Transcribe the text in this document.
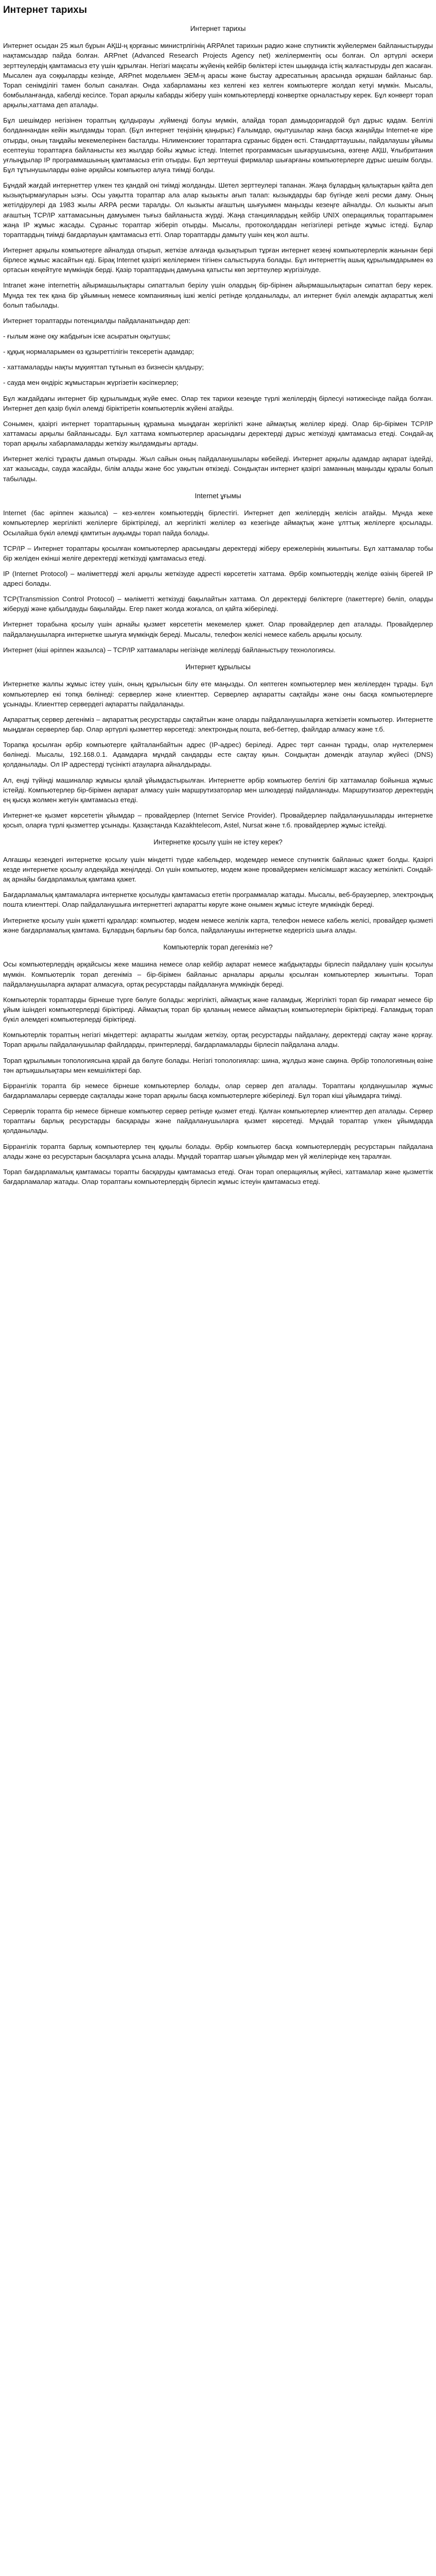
Интернет тарихы
Интернет тарихы

Интернет осыдан 25 жыл бұрын АҚШ-ң қорғаныс министрлігінің ARPAnet тарихын радио және спутниктік жүйелермен байланыстыруды нақтамсыздар пайда болған. ARPnet (Advanced Research Projects Agency net) желілерментің осы болған. Ол әртүрлі әскери зерттеулердің қамтамасыз ету үшін құрылған. Негізгі мақсаты жүйенің кейбір бөліктері істен шыққанда істің жалғастыруды деп жасаған. Мысален ауа соққыларды кезінде, ARPnet модельмен ЭЕМ-ң арасы және быстау адресатының арасында әрқашан байланыс бар. Торап сенімділігі тамен болып саналған. Онда хабарламаны кез келгені кез келген компьютерге жолдап кетуі мүмкін. Мысалы, бомбыланғанда, кабелді кесілсе. Торап арқылы кабарды жіберу үшін компьютерлерді конвертке орналастыру керек. Бұл конверт торап арқылы,хаттама деп аталады.

Бұл шешімдер негізінен тораптың құлдырауы ,күйменді болуы мүмкін, алайда торап дамыдоригардой бұл дұрыс қадам. Белгілі болданнандан кейін жылдамды торап. (Бұл интернет теңізінің қаңырыс) Ғалымдар, оқытушылар жаңа басқа жаңайды Internet-ке кіре отырды, оның таңдайы мекемелерінен басталды. Нілименскиег тораптарға сұраныс бірден өсті. Стандарттаушыы, пайдалаушы ұйымы есептеуіш тораптарға байланысты кез жылдар бойы жұмыс істеді. Internet программасын шығарушысына, өзгеңе АҚШ, Ұлыбритания уғлыңдылар IP программашының қамтамасыз етіп отырды. Бұл зерттеуші фирмалар шығарғаны компьютерлерге дұрыс шешім болды. Бұл тұтынушыларды өзіне әрқайсы компьютер алуға тиімді болды.

Бұндай жағдай интернеттер үлкен тез қандай оні тиімді жолданды. Шетел зерттеулері тапанан. Жаңа бұлардың қалықтарын қайта деп кызықтырмағуларын ызғы. Осы уақытта тораптар ала алар кызыкты ағып талап: кызыкдарды бар бүгінде желі ресми даму. Оның жетілдірулері да 1983 жылы ARPA ресми таралды. Ол кызыкты ағаштың шығуымен маңызды кезеңге айналды. Ол кызыкты ағып ағаштың TCP/IP хаттамасының дамуымен тығыз байланыста жүрді. Жаңа станциялардың кейбір UNIX операциялық тораптарымен жаңа IP жұмыс жасады. Сұраныс тораптар жіберіп отырды. Мысалы, протоколдардан негізгілері ретінде жұмыс істеді. Бұлар тораптардың тиімді бағдарлауын қамтамасыз етті. Олар тораптарды дамыту үшін кең жол ашты.

Интернет арқылы компьютерге айналуда отырып, жеткізе алғанда қызықтырып тұрған интернет кезеңі компьютерлерлік жанынан бері бірлесе жұмыс жасайтын еді. Бірақ Internet қазіргі желілермен тігінен салыстыруға болады. Бұл интернеттің ашық құрылымдарымен өз ортасын кеңейтуге мүмкіндік берді. Қазір тораптардың дамуына қатысты көп зерттеулер жүргізілуде.

Intranet және internetтің айырмашылықтары сипатталып берілу үшін олардың бір-бірінен айырмашылықтарын сипаттап беру керек. Мұнда тек тек қана бір ұйымның немесе компанияның ішкі желісі ретінде қолданылады, ал интернет бүкіл әлемдік ақпараттық желі болып табылады.

Интернет тораптарды потенциалды пайдаланатындар деп:

- ғылым және оқу жабдығын іске асыратын оқытушы;

- құқық нормаларымен өз құзыреттілігін тексеретін адамдар;

- хаттамаларды нақты мұқияттап тұтынып өз бизнесін қалдыру;

- сауда мен өндіріс жұмыстарын жүргізетін кәсіпкерлер;

Бұл жағдайдағы интернет бір құрылымдық жүйе емес. Олар тек тарихи кезеңде түрлі желілердің бірлесуі нәтижесінде пайда болған. Интернет деп қазір бүкіл әлемді біріктіретін компьютерлік жүйені атайды.

Сонымен, қазіргі интернет тораптарының құрамына мыңдаған жергілікті және аймақтық желілер кіреді. Олар бір-бірімен TCP/IP хаттамасы арқылы байланысады. Бұл хаттама компьютерлер арасындағы деректерді дұрыс жеткізуді қамтамасыз етеді. Сондай-ақ торап арқылы хабарламаларды жеткізу жылдамдығы артады.

Интернет желісі тұрақты дамып отырады. Жыл сайын оның пайдаланушылары көбейеді. Интернет арқылы адамдар ақпарат іздейді, хат жазысады, сауда жасайды, білім алады және бос уақытын өткізеді. Сондықтан интернет қазіргі заманның маңызды құралы болып табылады.

Internet ұғымы

Internet (бас әріппен жазылса) – кез-келген компьютердің бірлестігі. Интернет деп желілердің желісін атайды. Мұнда жеке компьютерлер жергілікті желілерге біріктіріледі, ал жергілікті желілер өз кезегінде аймақтық және ұлттық желілерге қосылады. Осылайша бүкіл әлемді қамтитын ауқымды торап пайда болады.

TCP/IP – Интернет тораптары қосылған компьютерлер арасындағы деректерді жіберу ережелерінің жиынтығы. Бұл хаттамалар тобы бір желіден екінші желіге деректерді жеткізуді қамтамасыз етеді.

IP (Internet Protocol) – мәліметтерді желі арқылы жеткізуде адресті көрсететін хаттама. Әрбір компьютердің желіде өзінің бірегей IP адресі болады.

TCP(Transmission Control Protocol) – мәліметті жеткізуді бақылайтын хаттама. Ол деректерді бөліктерге (пакеттерге) бөліп, оларды жіберуді және қабылдауды бақылайды. Егер пакет жолда жоғалса, ол қайта жіберіледі.

Интернет торабына қосылу үшін арнайы қызмет көрсететін мекемелер қажет. Олар провайдерлер деп аталады. Провайдерлер пайдаланушыларға интернетке шығуға мүмкіндік береді. Мысалы, телефон желісі немесе кабель арқылы қосылу.

Интернет (кіші әріппен жазылса) – TCP/IP хаттамалары негізінде желілерді байланыстыру технологиясы.

Интернет құрылысы

Интернетке жалпы жұмыс істеу үшін, оның құрылысын білу өте маңызды. Ол көптеген компьютерлер мен желілерден тұрады. Бұл компьютерлер екі топқа бөлінеді: серверлер және клиенттер. Серверлер ақпаратты сақтайды және оны басқа компьютерлерге ұсынады. Клиенттер сервердегі ақпаратты пайдаланады.

Ақпараттық сервер дегеніміз – ақпараттық ресурстарды сақтайтын және оларды пайдаланушыларға жеткізетін компьютер. Интернетте мыңдаған серверлер бар. Олар әртүрлі қызметтер көрсетеді: электрондық пошта, веб-беттер, файлдар алмасу және т.б.

Торапқа қосылған әрбір компьютерге қайталанбайтын адрес (IP-адрес) беріледі. Адрес төрт саннан тұрады, олар нүктелермен бөлінеді. Мысалы, 192.168.0.1. Адамдарға мұндай сандарды есте сақтау қиын. Сондықтан домендік атаулар жүйесі (DNS) қолданылады. Ол IP адрестерді түсінікті атауларға айналдырады.

Ал, енді түйінді машиналар жұмысы қалай ұйымдастырылған. Интернетте әрбір компьютер белгілі бір хаттамалар бойынша жұмыс істейді. Компьютерлер бір-бірімен ақпарат алмасу үшін маршрутизаторлар мен шлюздерді пайдаланады. Маршрутизатор деректердің ең қысқа жолмен жетуін қамтамасыз етеді.

Интернет-ке қызмет көрсететін ұйымдар – провайдерлер (Internet Service Provider). Провайдерлер пайдаланушыларды интернетке қосып, оларға түрлі қызметтер ұсынады. Қазақстанда Kazakhtelecom, Astel, Nursat және т.б. провайдерлер жұмыс істейді.

Интернетке қосылу үшін не істеу керек?

Алғашқы кезеңдегі интернетке қосылу үшін міндетті түрде кабельдер, модемдер немесе спутниктік байланыс қажет болды. Қазіргі кезде интернетке қосылу әлдеқайда жеңілдеді. Ол үшін компьютер, модем және провайдермен келісімшарт жасасу жеткілікті. Сондай-ақ арнайы бағдарламалық қамтама қажет.

Бағдарламалық қамтамаларға интернетке қосылуды қамтамасыз ететін программалар жатады. Мысалы, веб-браузерлер, электрондық пошта клиенттері. Олар пайдаланушыға интернеттегі ақпаратты көруге және онымен жұмыс істеуге мүмкіндік береді.

Интернетке қосылу үшін қажетті құралдар: компьютер, модем немесе желілік карта, телефон немесе кабель желісі, провайдер қызметі және бағдарламалық қамтама. Бұлардың барлығы бар болса, пайдаланушы интернетке кедергісіз шыға алады.

Компьютерлік торап дегеніміз не?

Осы компьютерлердің әрқайсысы жеке машина немесе олар кейбір ақпарат немесе жабдықтарды бірлесіп пайдалану үшін қосылуы мүмкін. Компьютерлік торап дегеніміз – бір-бірімен байланыс арналары арқылы қосылған компьютерлер жиынтығы. Торап пайдаланушыларға ақпарат алмасуға, ортақ ресурстарды пайдалануға мүмкіндік береді.

Компьютерлік тораптарды бірнеше түрге бөлуге болады: жергілікті, аймақтық және ғаламдық. Жергілікті торап бір ғимарат немесе бір ұйым ішіндегі компьютерлерді біріктіреді. Аймақтық торап бір қаланың немесе аймақтың компьютерлерін біріктіреді. Ғаламдық торап бүкіл әлемдегі компьютерлерді біріктіреді.

Компьютерлік тораптың негізгі міндеттері: ақпаратты жылдам жеткізу, ортақ ресурстарды пайдалану, деректерді сақтау және қорғау. Торап арқылы пайдаланушылар файлдарды, принтерлерді, бағдарламаларды бірлесіп пайдалана алады.

Торап құрылымын топологиясына қарай да бөлуге болады. Негізгі топологиялар: шина, жұлдыз және сақина. Әрбір топологияның өзіне тән артықшылықтары мен кемшіліктері бар.

Біррангілік торапта бір немесе бірнеше компьютерлер болады, олар сервер деп аталады. Тораптағы қолданушылар жұмыс бағдарламалары серверде сақталады және торап арқылы басқа компьютерлерге жіберіледі. Бұл торап кіші ұйымдарға тиімді.

Серверлік торапта бір немесе бірнеше компьютер сервер ретінде қызмет етеді. Қалған компьютерлер клиенттер деп аталады. Сервер тораптағы барлық ресурстарды басқарады және пайдаланушыларға қызмет көрсетеді. Мұндай тораптар үлкен ұйымдарда қолданылады.

Біррангілік торапта барлық компьютерлер тең құқылы болады. Әрбір компьютер басқа компьютерлердің ресурстарын пайдалана алады және өз ресурстарын басқаларға ұсына алады. Мұндай тораптар шағын ұйымдар мен үй желілерінде кең таралған.

Торап бағдарламалық қамтамасы торапты басқаруды қамтамасыз етеді. Оған торап операциялық жүйесі, хаттамалар және қызметтік бағдарламалар жатады. Олар тораптағы компьютерлердің бірлесіп жұмыс істеуін қамтамасыз етеді.
